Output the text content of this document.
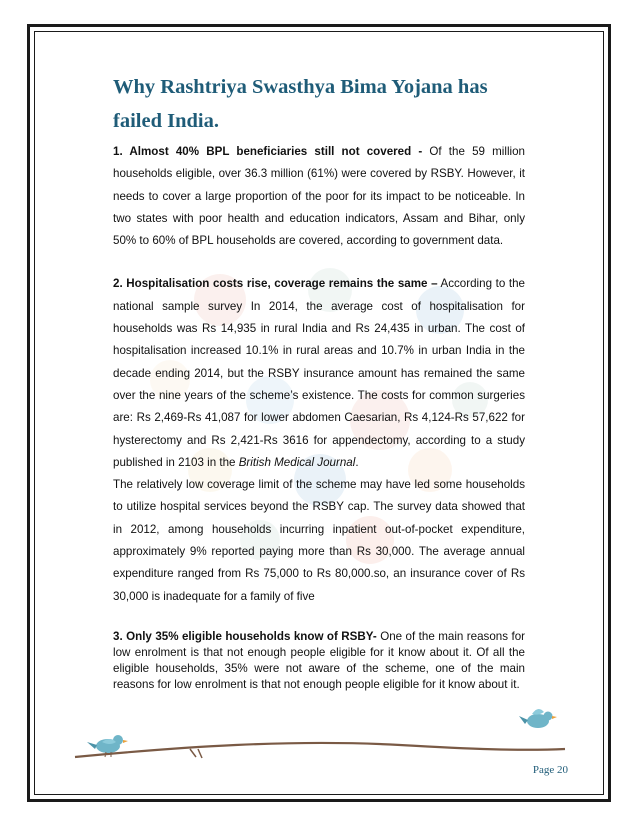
Why Rashtriya Swasthya Bima Yojana has failed India.

1. Almost 40% BPL beneficiaries still not covered - Of the 59 million households eligible, over 36.3 million (61%) were covered by RSBY. However, it needs to cover a large proportion of the poor for its impact to be noticeable. In two states with poor health and education indicators, Assam and Bihar, only 50% to 60% of BPL households are covered, according to government data.

2. Hospitalisation costs rise, coverage remains the same – According to the national sample survey In 2014, the average cost of hospitalisation for households was Rs 14,935 in rural India and Rs 24,435 in urban. The cost of hospitalisation increased 10.1% in rural areas and 10.7% in urban India in the decade ending 2014, but the RSBY insurance amount has remained the same over the nine years of the scheme’s existence. The costs for common surgeries are: Rs 2,469-Rs 41,087 for lower abdomen Caesarian, Rs 4,124-Rs 57,622 for hysterectomy and Rs 2,421-Rs 3616 for appendectomy, according to a study published in 2103 in the British Medical Journal.

The relatively low coverage limit of the scheme may have led some households to utilize hospital services beyond the RSBY cap. The survey data showed that in 2012, among households incurring inpatient out-of-pocket expenditure, approximately 9% reported paying more than Rs 30,000. The average annual expenditure ranged from Rs 75,000 to Rs 80,000.so, an insurance cover of Rs 30,000 is inadequate for a family of five

3. Only 35% eligible households know of RSBY- One of the main reasons for low enrolment is that not enough people eligible for it know about it. Of all the eligible households, 35% were not aware of the scheme, one of the main reasons for low enrolment is that not enough people eligible for it know about it.

Page 20
